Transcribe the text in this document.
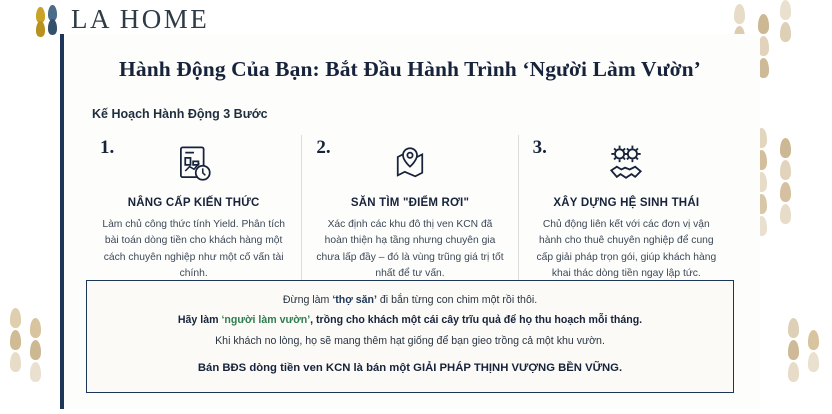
LA HOME
Hành Động Của Bạn: Bắt Đầu Hành Trình ‘Người Làm Vườn’
Kế Hoạch Hành Động 3 Bước
1.
NÂNG CẤP KIẾN THỨC
Làm chủ công thức tính Yield. Phân tích bài toán dòng tiền cho khách hàng một cách chuyên nghiệp như một cố vấn tài chính.
2.
SĂN TÌM "ĐIỂM RƠI"
Xác định các khu đô thị ven KCN đã hoàn thiện hạ tầng nhưng chuyên gia chưa lấp đầy – đó là vùng trũng giá trị tốt nhất để tư vấn.
3.
XÂY DỰNG HỆ SINH THÁI
Chủ động liên kết với các đơn vị vận hành cho thuê chuyên nghiệp để cung cấp giải pháp trọn gói, giúp khách hàng khai thác dòng tiền ngay lập tức.

Đừng làm ‘thợ săn’ đi bắn từng con chim một rồi thôi.

Hãy làm ‘người làm vườn’, trồng cho khách một cái cây trĩu quả để họ thu hoạch mỗi tháng.

Khi khách no lòng, họ sẽ mang thêm hạt giống để bạn gieo trồng cả một khu vườn.

Bán BĐS dòng tiền ven KCN là bán một GIẢI PHÁP THỊNH VƯỢNG BỀN VỮNG.
